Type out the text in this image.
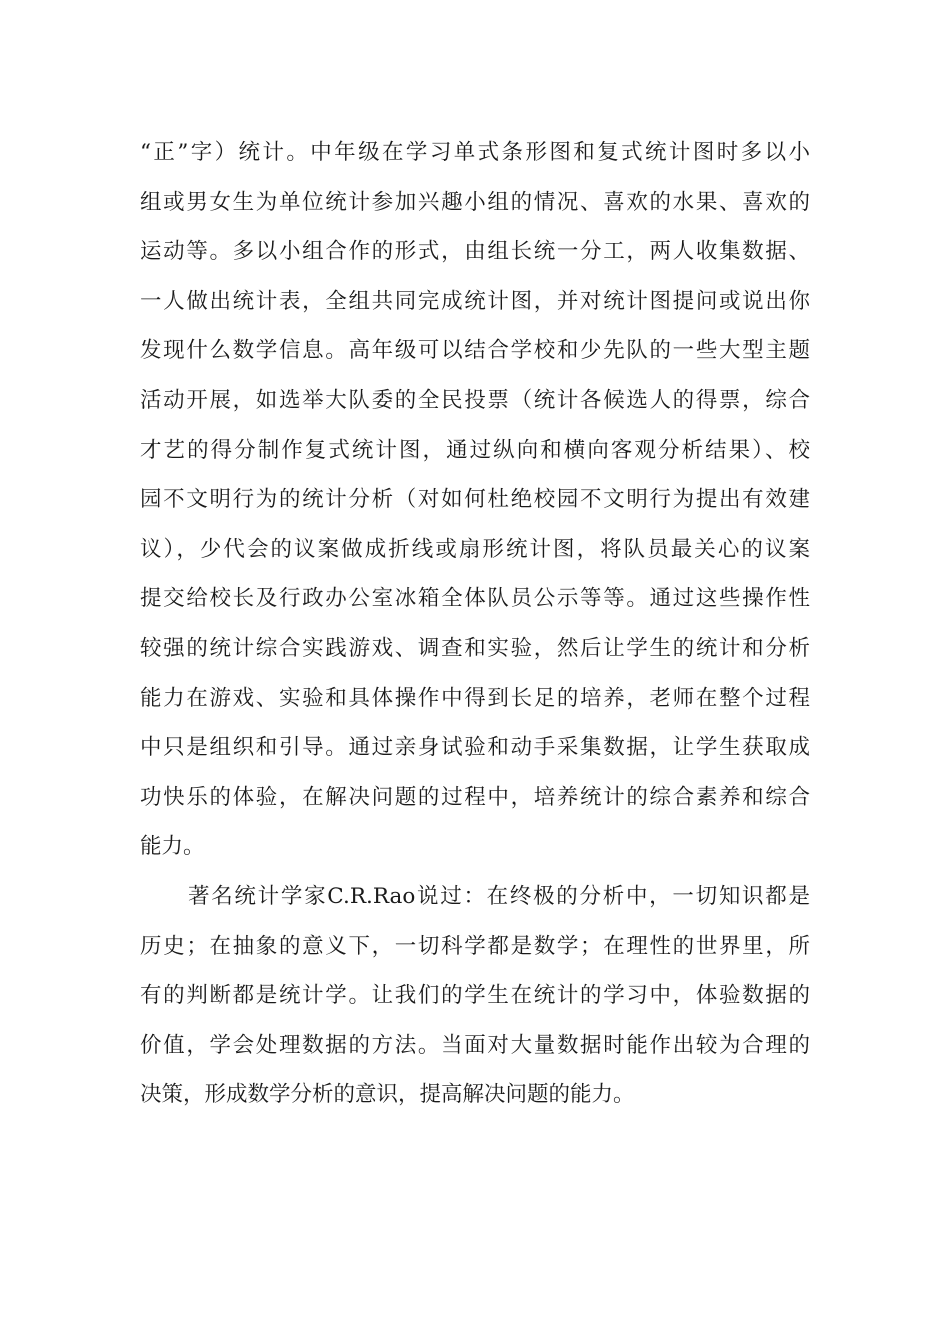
“正”字）统计。中年级在学习单式条形图和复式统计图时多以小
组或男女生为单位统计参加兴趣小组的情况、喜欢的水果、喜欢的
运动等。多以小组合作的形式，由组长统一分工，两人收集数据、
一人做出统计表，全组共同完成统计图，并对统计图提问或说出你
发现什么数学信息。高年级可以结合学校和少先队的一些大型主题
活动开展，如选举大队委的全民投票（统计各候选人的得票，综合
才艺的得分制作复式统计图，通过纵向和横向客观分析结果）、校
园不文明行为的统计分析（对如何杜绝校园不文明行为提出有效建
议），少代会的议案做成折线或扇形统计图，将队员最关心的议案
提交给校长及行政办公室冰箱全体队员公示等等。通过这些操作性
较强的统计综合实践游戏、调查和实验，然后让学生的统计和分析
能力在游戏、实验和具体操作中得到长足的培养，老师在整个过程
中只是组织和引导。通过亲身试验和动手采集数据，让学生获取成
功快乐的体验，在解决问题的过程中，培养统计的综合素养和综合
能力。
著名统计学家C.R.Rao说过：在终极的分析中，一切知识都是
历史；在抽象的意义下，一切科学都是数学；在理性的世界里，所
有的判断都是统计学。让我们的学生在统计的学习中，体验数据的
价值，学会处理数据的方法。当面对大量数据时能作出较为合理的
决策，形成数学分析的意识，提高解决问题的能力。
